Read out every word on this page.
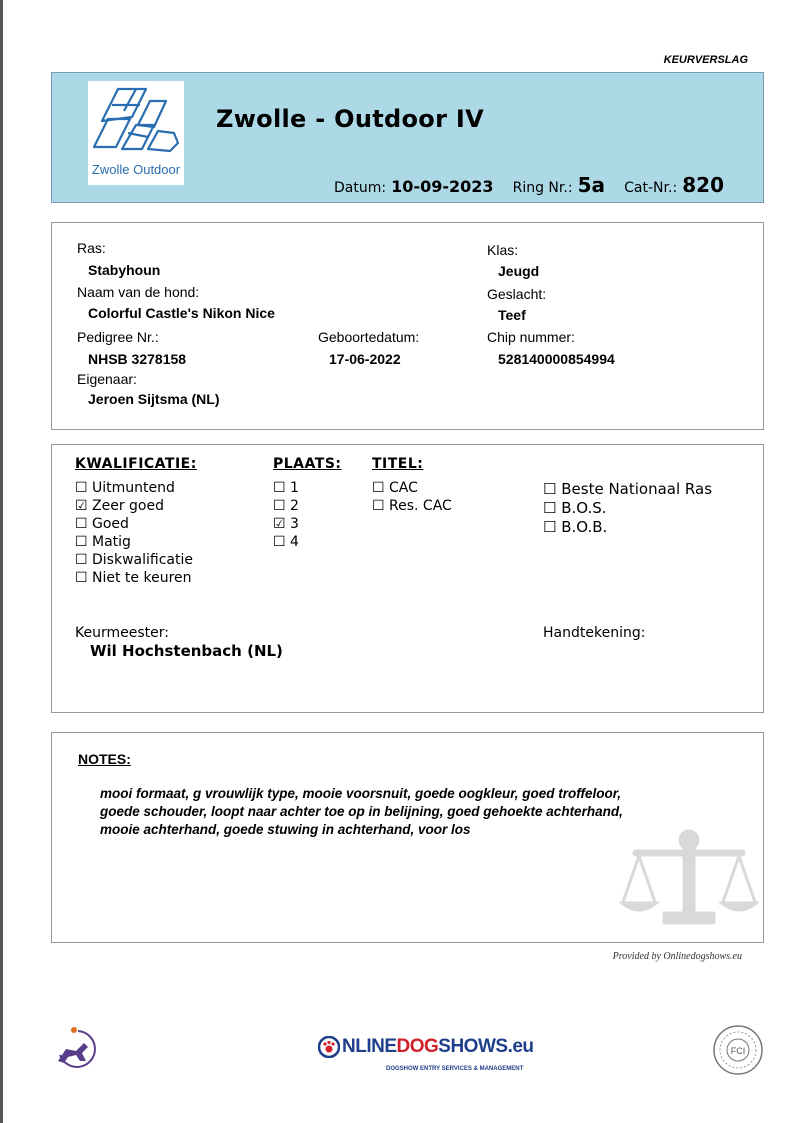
KEURVERSLAG
Zwolle Outdoor
Zwolle - Outdoor IV
Datum: 10-09-2023 Ring Nr.: 5a Cat-Nr.: 820
Ras:
Stabyhoun
Naam van de hond:
Colorful Castle's Nikon Nice
Pedigree Nr.:
NHSB 3278158
Geboortedatum:
17-06-2022
Eigenaar:
Jeroen Sijtsma (NL)
Klas:
Jeugd
Geslacht:
Teef
Chip nummer:
528140000854994
KWALIFICATIE:	PLAATS: TITEL:
☐ Uitmuntend
☑ Zeer goed
☐ Goed
☐ Matig
☐ Diskwalificatie
☐ Niet te keuren
☐ 1
☐ 2
☑ 3
☐ 4
☐ CAC
☐ Res. CAC
☐ Beste Nationaal Ras
☐ B.O.S.
☐ B.O.B.
Keurmeester:
Wil Hochstenbach (NL)
Handtekening:
NOTES:
mooi formaat, g vrouwlijk type, mooie voorsnuit, goede oogkleur, goed troffeloor,
goede schouder, loopt naar achter toe op in belijning, goed gehoekte achterhand,
mooie achterhand, goede stuwing in achterhand, voor los
Provided by Onlinedogshows.eu
NLINEDOGSHOWS.eu
DOGSHOW ENTRY SERVICES & MANAGEMENT
FCI
